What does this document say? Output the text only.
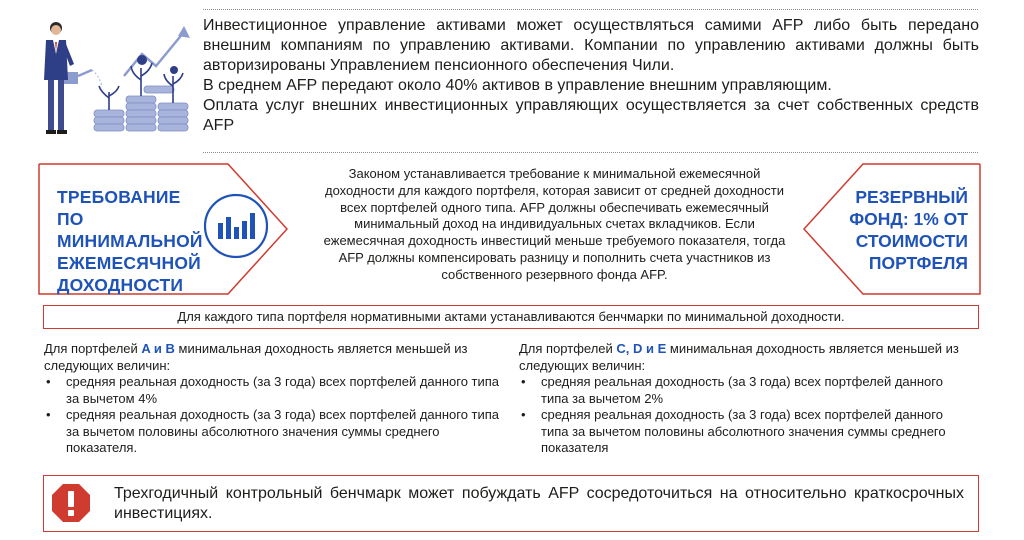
Инвестиционное управление активами может осуществляться самими AFP либо быть передано внешним компаниям по управлению активами. Компании по управлению активами должны быть авторизированы Управлением пенсионного обеспечения Чили.

В среднем AFP передают около 40% активов в управление внешним управляющим.

Оплата услуг внешних инвестиционных управляющих осуществляется за счет собственных средств AFP

ТРЕБОВАНИЕ ПО МИНИМАЛЬНОЙ ЕЖЕМЕСЯЧНОЙ ДОХОДНОСТИ

Законом устанавливается требование к минимальной ежемесячной доходности для каждого портфеля, которая зависит от средней доходности всех портфелей одного типа. AFP должны обеспечивать ежемесячный минимальный доход на индивидуальных счетах вкладчиков. Если ежемесячная доходность инвестиций меньше требуемого показателя, тогда AFP должны компенсировать разницу и пополнить счета участников из собственного резервного фонда AFP.

РЕЗЕРВНЫЙ ФОНД: 1% ОТ СТОИМОСТИ ПОРТФЕЛЯ
Для каждого типа портфеля нормативными актами устанавливаются бенчмарки по минимальной доходности.

Для портфелей A и B минимальная доходность является меньшей из следующих величин:

• средняя реальная доходность (за 3 года) всех портфелей данного типа за вычетом 4%
• средняя реальная доходность (за 3 года) всех портфелей данного типа за вычетом половины абсолютного значения суммы среднего показателя.

Для портфелей C, D и E минимальная доходность является меньшей из следующих величин:

• средняя реальная доходность (за 3 года) всех портфелей данного типа за вычетом 2%
• средняя реальная доходность (за 3 года) всех портфелей данного типа за вычетом половины абсолютного значения суммы среднего показателя

Трехгодичный контрольный бенчмарк может побуждать AFP сосредоточиться на относительно краткосрочных инвестициях.
